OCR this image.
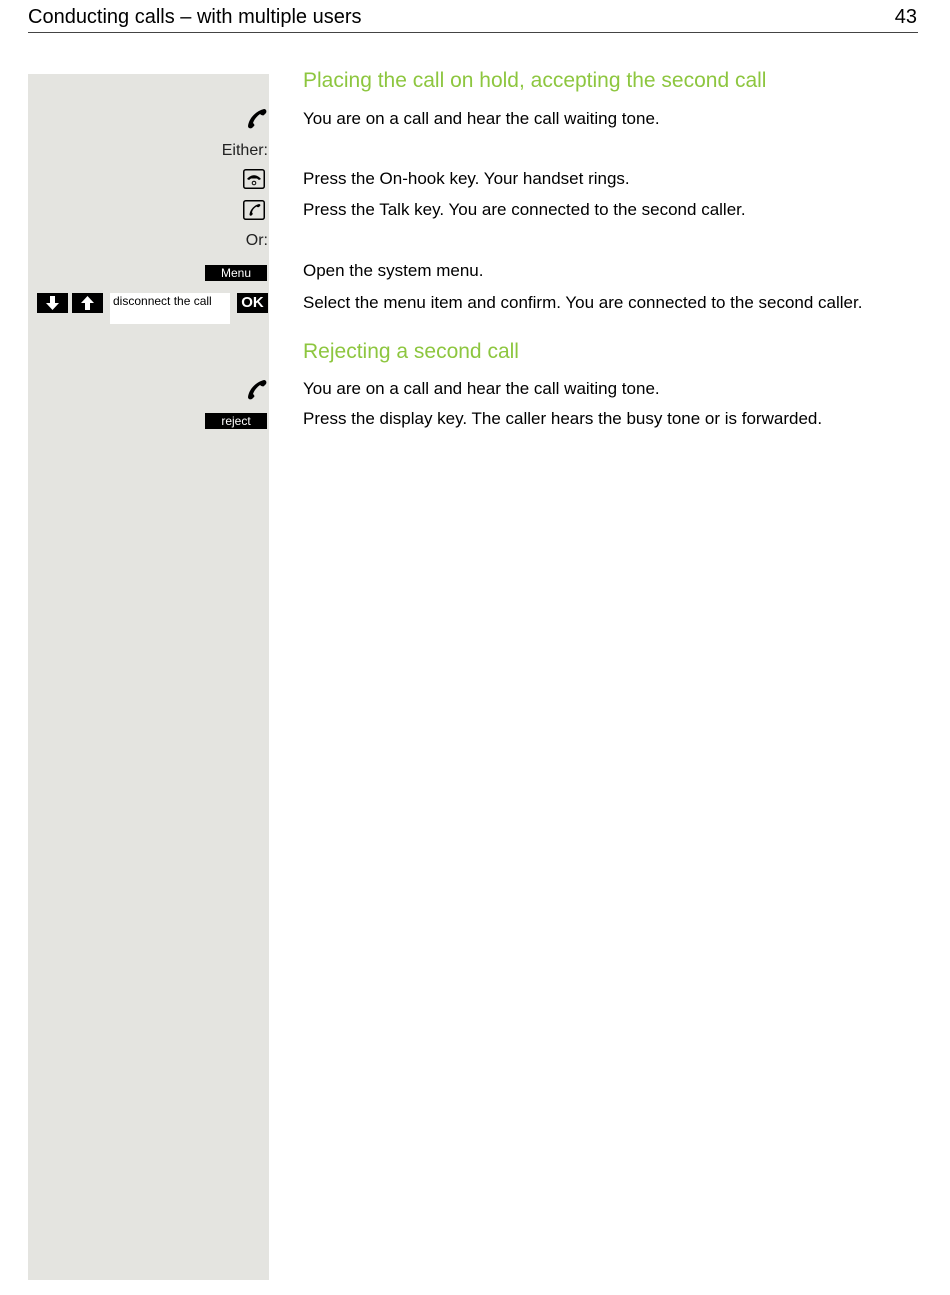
Conducting calls – with multiple users	43
Placing the call on hold, accepting the second call
You are on a call and hear the call waiting tone.
Either:
Press the On-hook key. Your handset rings.
Press the Talk key. You are connected to the second caller.
Or:
Menu	Open the system menu.
disconnect the call	OK Select the menu item and confirm. You are connected to the second caller.
Rejecting a second call
You are on a call and hear the call waiting tone.
reject	Press the display key. The caller hears the busy tone or is forwarded.
